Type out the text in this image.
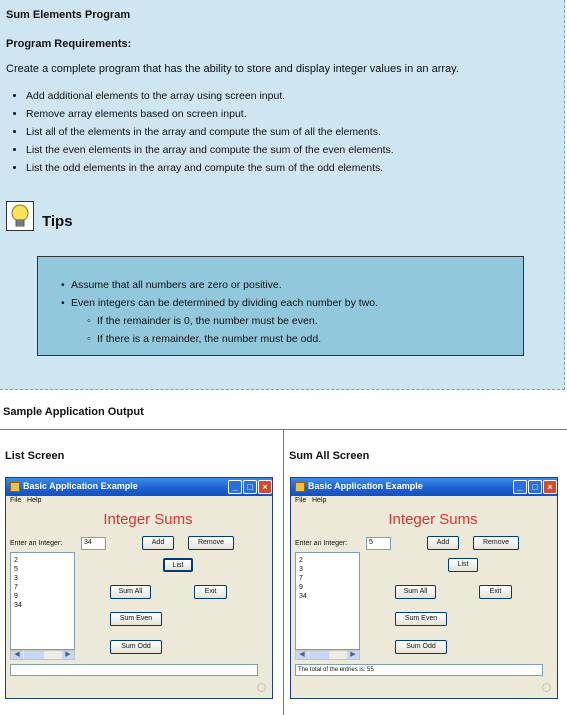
Sum Elements Program
Program Requirements:
Create a complete program that has the ability to store and display integer values in an array.
• Add additional elements to the array using screen input.
• Remove array elements based on screen input.
• List all of the elements in the array and compute the sum of all the elements.
• List the even elements in the array and compute the sum of the even elements.
• List the odd elements in the array and compute the sum of the odd elements.
Tips
• Assume that all numbers are zero or positive.
• Even integers can be determined by dividing each number by two.
◦ If the remainder is 0, the number must be even.
◦ If there is a remainder, the number must be odd.
Sample Application Output
List Screen	Sum All Screen
Basic Application Example	_	□	×
File Help
Integer Sums
Enter an Integer:	34	Add	Remove
List
Sum All	Exit
Sum Even
Sum Odd
2
5
3
7
9
34
◀	▶
Basic Application Example	_	□	×
File Help
Integer Sums
Enter an Integer:	5	Add	Remove
List
Sum All	Exit
Sum Even
Sum Odd
2
3
7
9
34
◀	▶
The total of the entries is: 55
